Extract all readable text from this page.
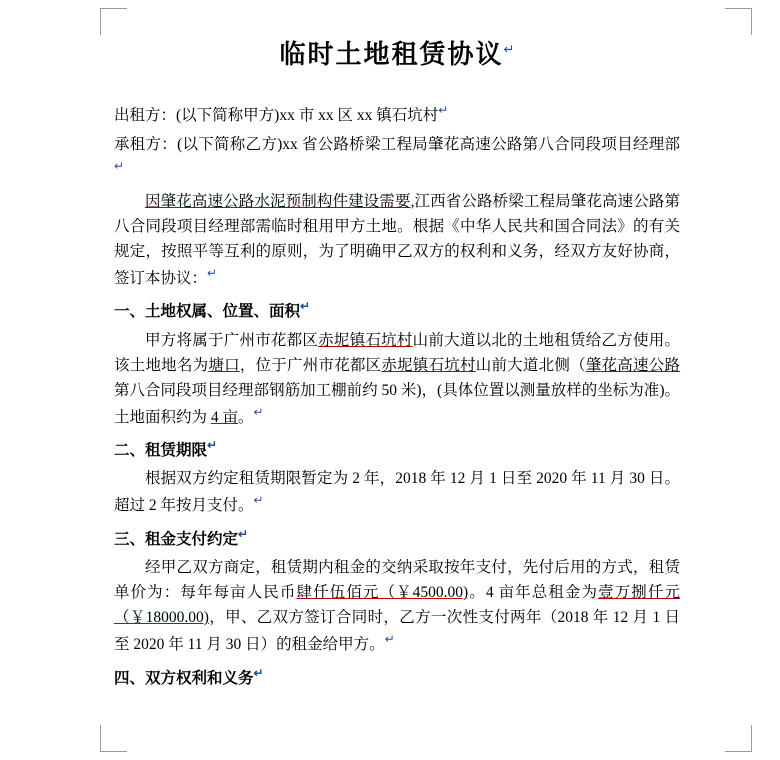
临时土地租赁协议↵

出租方：(以下简称甲方)xx 市 xx 区 xx 镇石坑村↵

承租方：(以下简称乙方)xx 省公路桥梁工程局肇花高速公路第八合同段项目经理部↵

因肇花高速公路水泥预制构件建设需要,江西省公路桥梁工程局肇花高速公路第八合同段项目经理部需临时租用甲方土地。根据《中华人民共和国合同法》的有关规定，按照平等互利的原则，为了明确甲乙双方的权利和义务，经双方友好协商，签订本协议：↵

一、土地权属、位置、面积↵

甲方将属于广州市花都区赤坭镇石坑村山前大道以北的土地租赁给乙方使用。该土地地名为塘口，位于广州市花都区赤坭镇石坑村山前大道北侧（肇花高速公路第八合同段项目经理部钢筋加工棚前约 50 米)，(具体位置以测量放样的坐标为准)。土地面积约为 4 亩。↵

二、租赁期限↵

根据双方约定租赁期限暂定为 2 年，2018 年 12 月 1 日至 2020 年 11 月 30 日。超过 2 年按月支付。↵

三、租金支付约定↵

经甲乙双方商定，租赁期内租金的交纳采取按年支付，先付后用的方式，租赁单价为：每年每亩人民币肆仟伍佰元（￥4500.00)。4 亩年总租金为壹万捌仟元（￥18000.00)，甲、乙双方签订合同时，乙方一次性支付两年（2018 年 12 月 1 日至 2020 年 11 月 30 日）的租金给甲方。↵

四、双方权利和义务↵
